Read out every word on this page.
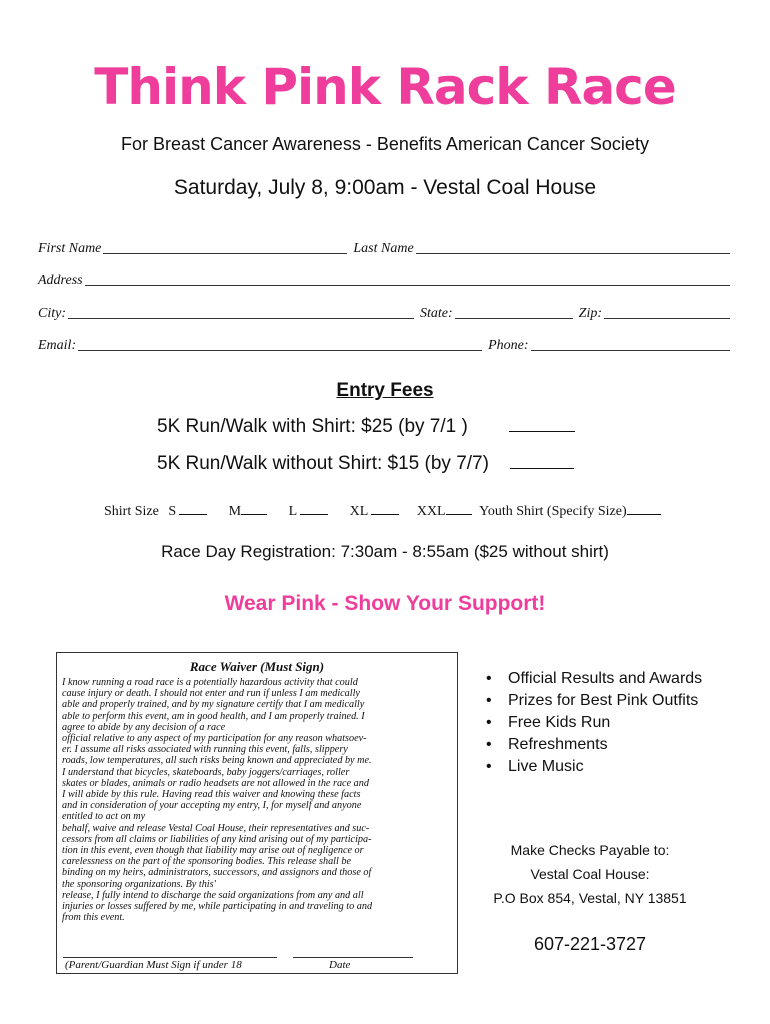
Think Pink Rack Race
For Breast Cancer Awareness - Benefits American Cancer Society
Saturday, July 8, 9:00am - Vestal Coal House
First Name	Last Name
Address
City:	State:	Zip:
Email:	Phone:
Entry Fees
5K Run/Walk with Shirt: $25 (by 7/1 )
5K Run/Walk without Shirt: $15 (by 7/7)
Shirt Size S	M	L	XL	XXL Youth Shirt (Specify Size)
Race Day Registration: 7:30am - 8:55am ($25 without shirt)
Wear Pink - Show Your Support!
Race Waiver (Must Sign)
I know running a road race is a potentially hazardous activity that could
cause injury or death. I should not enter and run if unless I am medically
able and properly trained, and by my signature certify that I am medically
able to perform this event, am in good health, and I am properly trained. I
agree to abide by any decision of a race
official relative to any aspect of my participation for any reason whatsoev-
er. I assume all risks associated with running this event, falls, slippery
roads, low temperatures, all such risks being known and appreciated by me.
I understand that bicycles, skateboards, baby joggers/carriages, roller
skates or blades, animals or radio headsets are not allowed in the race and
I will abide by this rule. Having read this waiver and knowing these facts
and in consideration of your accepting my entry, I, for myself and anyone
entitled to act on my
behalf, waive and release Vestal Coal House, their representatives and suc-
cessors from all claims or liabilities of any kind arising out of my participa-
tion in this event, even though that liability may arise out of negligence or
carelessness on the part of the sponsoring bodies. This release shall be
binding on my heirs, administrators, successors, and assignors and those of
the sponsoring organizations. By this'
release, I fully intend to discharge the said organizations from any and all
injuries or losses suffered by me, while participating in and traveling to and
from this event.
(Parent/Guardian Must Sign if under 18	Date
• Official Results and Awards
• Prizes for Best Pink Outfits
• Free Kids Run
• Refreshments
• Live Music
Make Checks Payable to:
Vestal Coal House:
P.O Box 854, Vestal, NY 13851
607-221-3727
